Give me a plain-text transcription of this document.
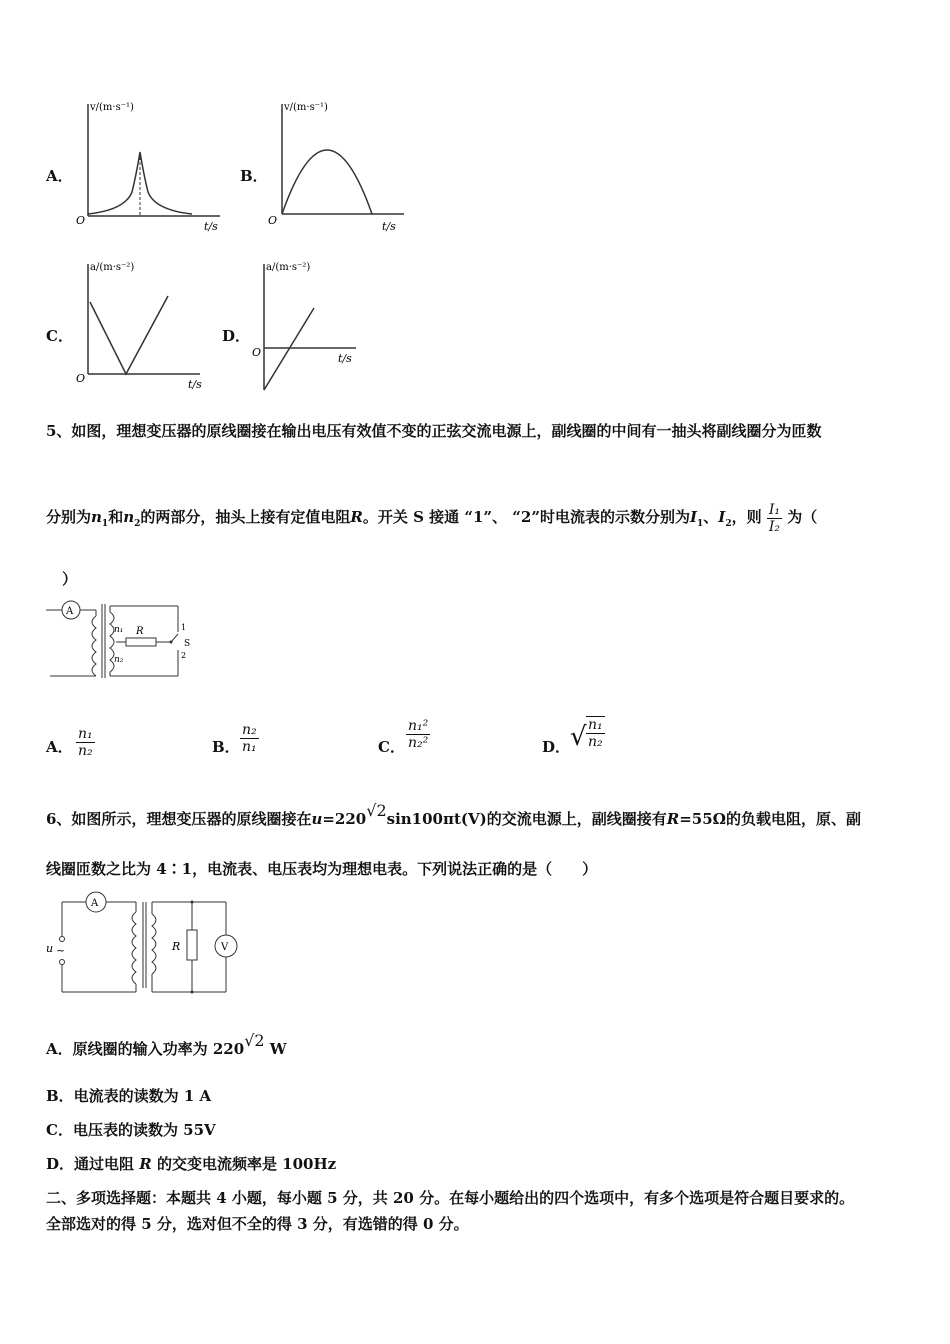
A．
v/(m·s⁻¹)
O	t/s
B．
v/(m·s⁻¹)
O	t/s
C．
a/(m·s⁻²)
O	t/s
D．
a/(m·s⁻²)
O	t/s
5、如图，理想变压器的原线圈接在输出电压有效值不变的正弦交流电源上，副线圈的中间有一抽头将副线圈分为匝数
分别为$n_1$和$n_2$的两部分，抽头上接有定值电阻R。开关 S 接通 “1”、 “2”时电流表的示数分别为$I_1$、$I_2$，则 $\frac{\text{I₁}}{\text{I₂}}$ 为（
）
A
n₁
n₂
R	1
S
2
A． $\frac{\text{n₁}}{\text{n₂}}$	B． $\frac{\text{n₂}}{\text{n₁}}$	C． $\frac{\text{n₁²}}{\text{n₂²}}$	D． √ $\frac{\text{n₁}}{\text{n₂}}$
6、如图所示，理想变压器的原线圈接在u=220√2sin100πt(V)的交流电源上，副线圈接有R=55Ω的负载电阻，原、副
线圈匝数之比为 4∶1，电流表、电压表均为理想电表。下列说法正确的是（　　）
A
u ~	R	V
A．原线圈的输入功率为 220√2 W
B．电流表的读数为 1 A
C．电压表的读数为 55V
D．通过电阻 R 的交变电流频率是 100Hz
二、多项选择题：本题共 4 小题，每小题 5 分，共 20 分。在每小题给出的四个选项中，有多个选项是符合题目要求的。
全部选对的得 5 分，选对但不全的得 3 分，有选错的得 0 分。
